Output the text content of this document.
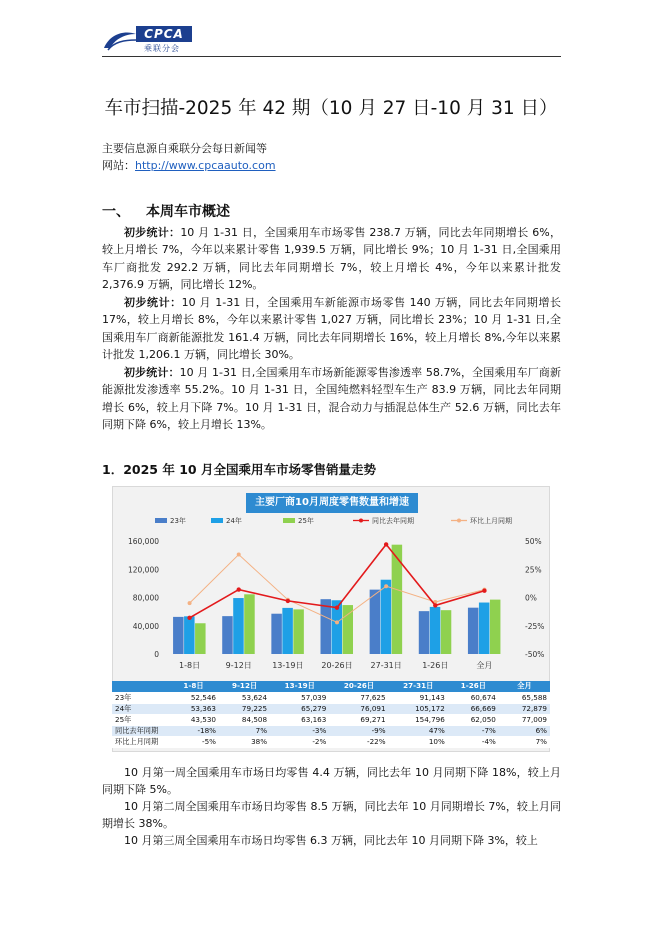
CPCA
乘联分会
车市扫描-2025 年 42 期（10 月 27 日-10 月 31 日）
主要信息源自乘联分会每日新闻等
网站：http://www.cpcaauto.com
一、 本周车市概述
初步统计：10 月 1-31 日，全国乘用车市场零售 238.7 万辆，同比去年同期增长 6%，较上月增长 7%，今年以来累计零售 1,939.5 万辆，同比增长 9%；10 月 1-31 日,全国乘用车厂商批发 292.2 万辆，同比去年同期增长 7%，较上月增长 4%，今年以来累计批发 2,376.9 万辆，同比增长 12%。
初步统计：10 月 1-31 日，全国乘用车新能源市场零售 140 万辆，同比去年同期增长 17%，较上月增长 8%，今年以来累计零售 1,027 万辆，同比增长 23%；10 月 1-31 日,全国乘用车厂商新能源批发 161.4 万辆，同比去年同期增长 16%，较上月增长 8%,今年以来累计批发 1,206.1 万辆，同比增长 30%。
初步统计：10 月 1-31 日,全国乘用车市场新能源零售渗透率 58.7%，全国乘用车厂商新能源批发渗透率 55.2%。10 月 1-31 日，全国纯燃料轻型车生产 83.9 万辆，同比去年同期增长 6%，较上月下降 7%。10 月 1-31 日，混合动力与插混总体生产 52.6 万辆，同比去年同期下降 6%，较上月增长 13%。
1．2025 年 10 月全国乘用车市场零售销量走势
0
40,000
80,000
120,000
160,000
-50%
-25%
0%
25%
50%
1-8日	9-12日	13-19日 20-26日 27-31日	1-26日	全月
23年	24年	25年	同比去年同期	环比上月同期
主要厂商10月周度零售数量和增速
	1-8日	9-12日	13-19日	20-26日	27-31日	1-26日	全月
23年	52,546	53,624	57,039	77,625	91,143	60,674	65,588
24年	53,363	79,225	65,279	76,091	105,172	66,669	72,879
25年	43,530	84,508	63,163	69,271	154,796	62,050	77,009
同比去年同期	-18%	7%	-3%	-9%	47%	-7%	6%
环比上月同期	-5%	38%	-2%	-22%	10%	-4%	7%
10 月第一周全国乘用车市场日均零售 4.4 万辆，同比去年 10 月同期下降 18%，较上月同期下降 5%。
10 月第二周全国乘用车市场日均零售 8.5 万辆，同比去年 10 月同期增长 7%，较上月同期增长 38%。
10 月第三周全国乘用车市场日均零售 6.3 万辆，同比去年 10 月同期下降 3%，较上
